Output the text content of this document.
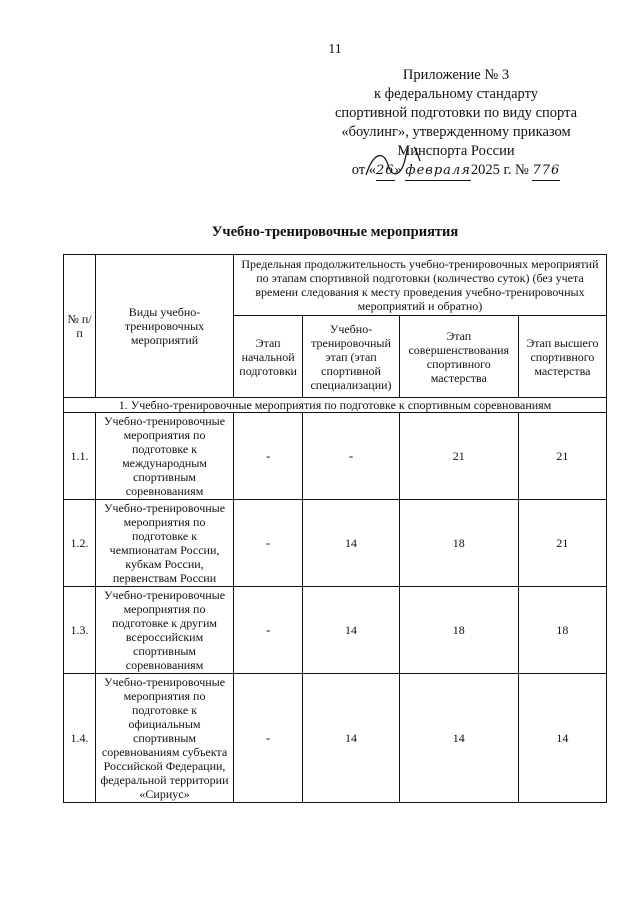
11
Приложение № 3
к федеральному стандарту
спортивной подготовки по виду спорта
«боулинг», утвержденному приказом
Минспорта России
от «26» февраля2025 г. № 776
Учебно-тренировочные мероприятия
№ п/п	Виды учебно-тренировочных мероприятий	Предельная продолжительность учебно-тренировочных мероприятий по этапам спортивной подготовки (количество суток) (без учета времени следования к месту проведения учебно-тренировочных мероприятий и обратно)			
		Этап начальной подготовки	Учебно-тренировочный этап (этап спортивной специализации)	Этап совершенствования спортивного мастерства	Этап высшего спортивного мастерства
1. Учебно-тренировочные мероприятия по подготовке к спортивным соревнованиям					
1.1.	Учебно-тренировочные мероприятия по подготовке к международным спортивным соревнованиям	-	-	21	21
1.2.	Учебно-тренировочные мероприятия по подготовке к чемпионатам России, кубкам России, первенствам России	-	14	18	21
1.3.	Учебно-тренировочные мероприятия по подготовке к другим всероссийским спортивным соревнованиям	-	14	18	18
1.4.	Учебно-тренировочные мероприятия по подготовке к официальным спортивным соревнованиям субъекта Российской Федерации, федеральной территории «Сириус»	-	14	14	14
